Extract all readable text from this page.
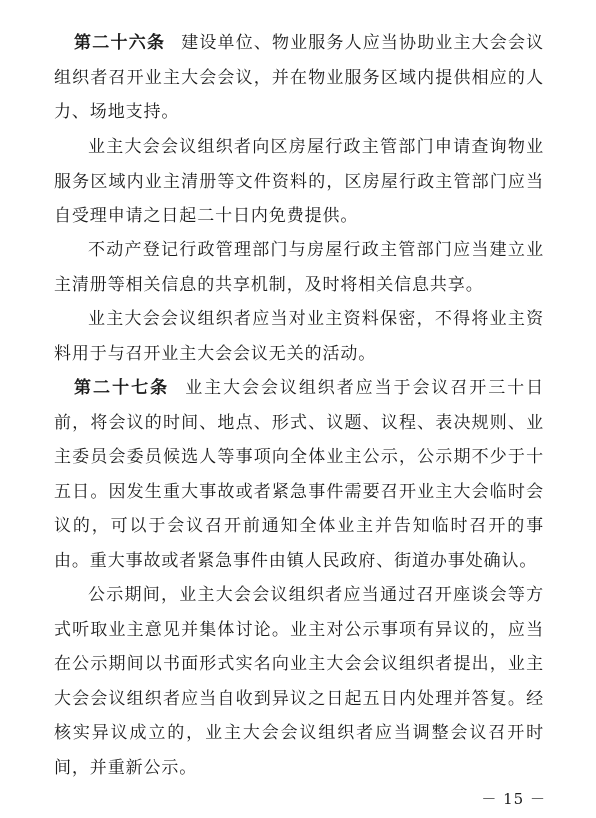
第二十六条 建设单位、物业服务人应当协助业主大会会议组织者召开业主大会会议，并在物业服务区域内提供相应的人力、场地支持。

业主大会会议组织者向区房屋行政主管部门申请查询物业服务区域内业主清册等文件资料的，区房屋行政主管部门应当自受理申请之日起二十日内免费提供。

不动产登记行政管理部门与房屋行政主管部门应当建立业主清册等相关信息的共享机制，及时将相关信息共享。

业主大会会议组织者应当对业主资料保密，不得将业主资料用于与召开业主大会会议无关的活动。

第二十七条 业主大会会议组织者应当于会议召开三十日前，将会议的时间、地点、形式、议题、议程、表决规则、业主委员会委员候选人等事项向全体业主公示，公示期不少于十五日。因发生重大事故或者紧急事件需要召开业主大会临时会议的，可以于会议召开前通知全体业主并告知临时召开的事由。重大事故或者紧急事件由镇人民政府、街道办事处确认。

公示期间，业主大会会议组织者应当通过召开座谈会等方式听取业主意见并集体讨论。业主对公示事项有异议的，应当在公示期间以书面形式实名向业主大会会议组织者提出，业主大会会议组织者应当自收到异议之日起五日内处理并答复。经核实异议成立的，业主大会会议组织者应当调整会议召开时间，并重新公示。

－ 15 －
